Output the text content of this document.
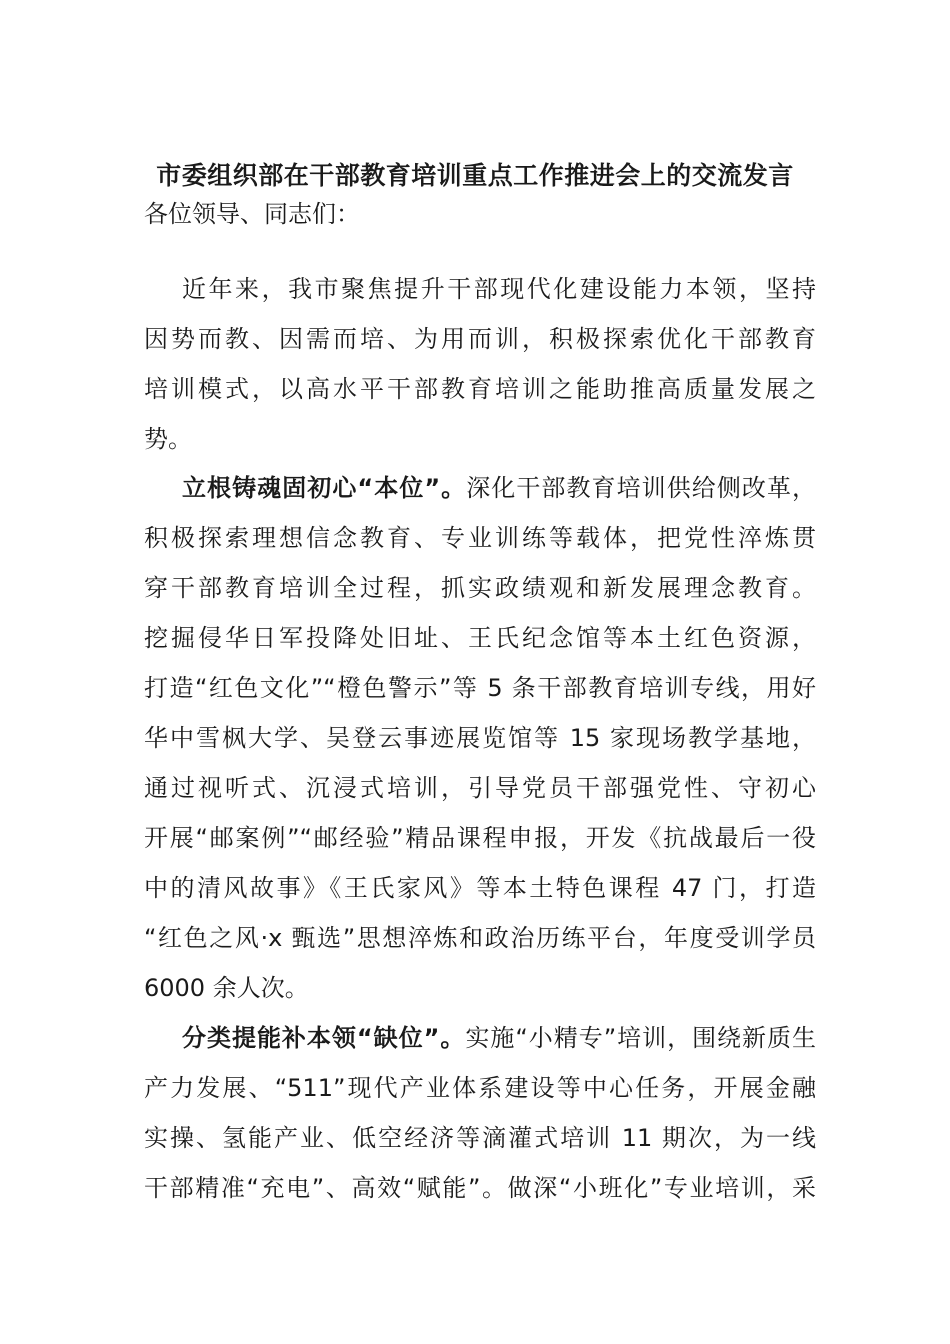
市委组织部在干部教育培训重点工作推进会上的交流发言
各位领导、同志们：
近年来，我市聚焦提升干部现代化建设能力本领，坚持
因势而教、因需而培、为用而训，积极探索优化干部教育
培训模式，以高水平干部教育培训之能助推高质量发展之
势。
立根铸魂固初心“本位”。深化干部教育培训供给侧改革，
积极探索理想信念教育、专业训练等载体，把党性淬炼贯
穿干部教育培训全过程，抓实政绩观和新发展理念教育。
挖掘侵华日军投降处旧址、王氏纪念馆等本土红色资源，
打造“红色文化”“橙色警示”等 5 条干部教育培训专线，用好
华中雪枫大学、吴登云事迹展览馆等 15 家现场教学基地，
通过视听式、沉浸式培训，引导党员干部强党性、守初心
开展“邮案例”“邮经验”精品课程申报，开发《抗战最后一役
中的清风故事》《王氏家风》等本土特色课程 47 门，打造
“红色之风·x 甄选”思想淬炼和政治历练平台，年度受训学员
6000 余人次。
分类提能补本领“缺位”。实施“小精专”培训，围绕新质生
产力发展、“511”现代产业体系建设等中心任务，开展金融
实操、氢能产业、低空经济等滴灌式培训 11 期次，为一线
干部精准“充电”、高效“赋能”。做深“小班化”专业培训，采
